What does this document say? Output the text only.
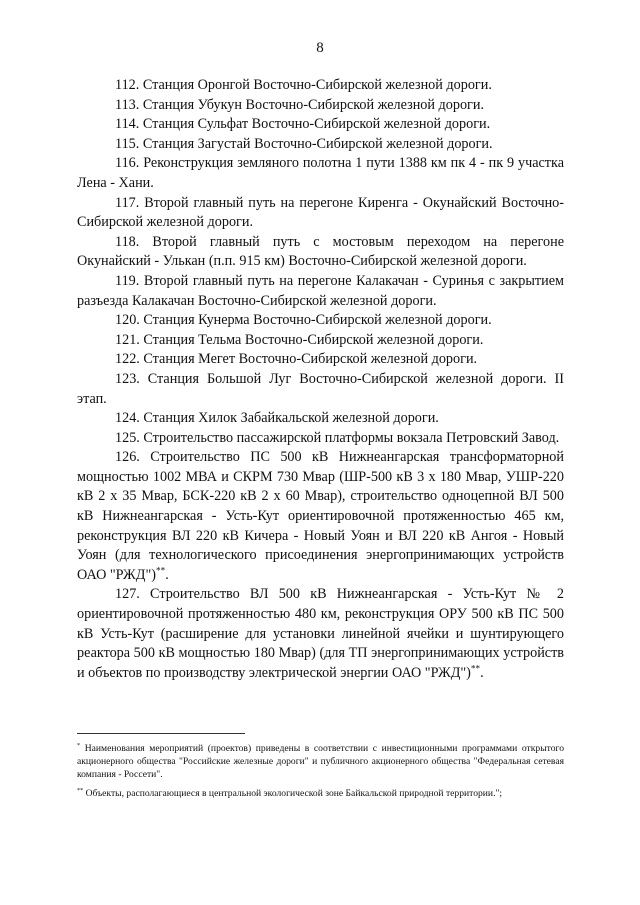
8

112. Станция Оронгой Восточно-Сибирской железной дороги.

113. Станция Убукун Восточно-Сибирской железной дороги.

114. Станция Сульфат Восточно-Сибирской железной дороги.

115. Станция Загустай Восточно-Сибирской железной дороги.

116. Реконструкция земляного полотна 1 пути 1388 км пк 4 - пк 9 участка Лена - Хани.

117. Второй главный путь на перегоне Киренга - Окунайский Восточно-Сибирской железной дороги.

118. Второй главный путь с мостовым переходом на перегоне Окунайский - Улькан (п.п. 915 км) Восточно-Сибирской железной дороги.

119. Второй главный путь на перегоне Калакачан - Суринья с закрытием разъезда Калакачан Восточно-Сибирской железной дороги.

120. Станция Кунерма Восточно-Сибирской железной дороги.

121. Станция Тельма Восточно-Сибирской железной дороги.

122. Станция Мегет Восточно-Сибирской железной дороги.

123. Станция Большой Луг Восточно-Сибирской железной дороги. II этап.

124. Станция Хилок Забайкальской железной дороги.

125. Строительство пассажирской платформы вокзала Петровский Завод.

126. Строительство ПС 500 кВ Нижнеангарская трансформаторной мощностью 1002 МВА и СКРМ 730 Мвар (ШР-500 кВ 3 х 180 Мвар, УШР-220 кВ 2 х 35 Мвар, БСК-220 кВ 2 х 60 Мвар), строительство одноцепной ВЛ 500 кВ Нижнеангарская - Усть-Кут ориентировочной протяженностью 465 км, реконструкция ВЛ 220 кВ Кичера - Новый Уоян и ВЛ 220 кВ Ангоя - Новый Уоян (для технологического присоединения энергопринимающих устройств ОАО "РЖД")**.

127. Строительство ВЛ 500 кВ Нижнеангарская - Усть-Кут № 2 ориентировочной протяженностью 480 км, реконструкция ОРУ 500 кВ ПС 500 кВ Усть-Кут (расширение для установки линейной ячейки и шунтирующего реактора 500 кВ мощностью 180 Мвар) (для ТП энергопринимающих устройств и объектов по производству электрической энергии ОАО "РЖД")**.

* Наименования мероприятий (проектов) приведены в соответствии с инвестиционными программами открытого акционерного общества "Российские железные дороги" и публичного акционерного общества "Федеральная сетевая компания - Россети".

** Объекты, располагающиеся в центральной экологической зоне Байкальской природной территории.";
